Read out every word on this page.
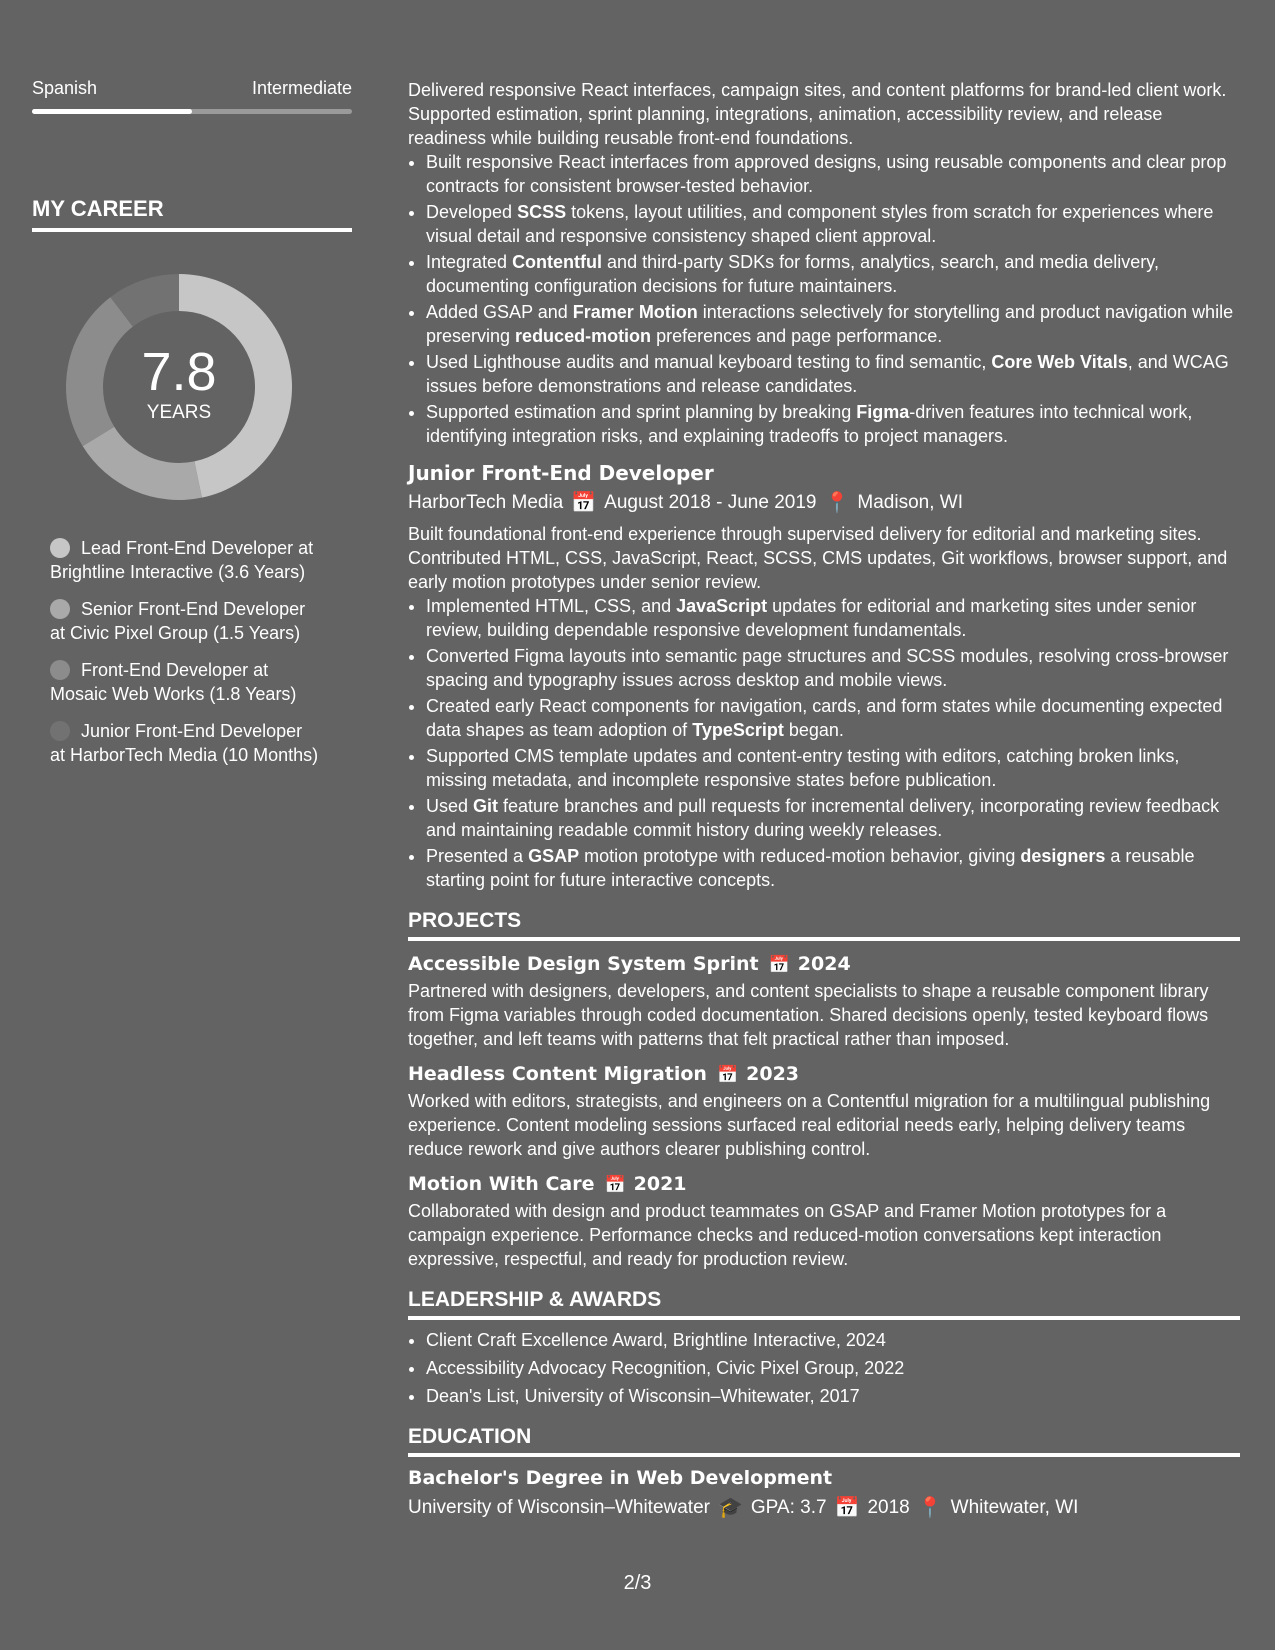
Spanish	Intermediate
MY CAREER
7.8
YEARS
Lead Front-End Developer at Brightline Interactive (3.6 Years)
Senior Front-End Developer at Civic Pixel Group (1.5 Years)
Front-End Developer at Mosaic Web Works (1.8 Years)
Junior Front-End Developer at HarborTech Media (10 Months)

Delivered responsive React interfaces, campaign sites, and content platforms for brand-led client work. Supported estimation, sprint planning, integrations, animation, accessibility review, and release readiness while building reusable front-end foundations.

• Built responsive React interfaces from approved designs, using reusable components and clear prop contracts for consistent browser-tested behavior.
• Developed SCSS tokens, layout utilities, and component styles from scratch for experiences where visual detail and responsive consistency shaped client approval.
• Integrated Contentful and third-party SDKs for forms, analytics, search, and media delivery, documenting configuration decisions for future maintainers.
• Added GSAP and Framer Motion interactions selectively for storytelling and product navigation while preserving reduced-motion preferences and page performance.
• Used Lighthouse audits and manual keyboard testing to find semantic, Core Web Vitals, and WCAG issues before demonstrations and release candidates.
• Supported estimation and sprint planning by breaking Figma-driven features into technical work, identifying integration risks, and explaining tradeoffs to project managers.
Junior Front-End Developer
HarborTech Media 📅 August 2018 - June 2019 📍 Madison, WI

Built foundational front-end experience through supervised delivery for editorial and marketing sites. Contributed HTML, CSS, JavaScript, React, SCSS, CMS updates, Git workflows, browser support, and early motion prototypes under senior review.

• Implemented HTML, CSS, and JavaScript updates for editorial and marketing sites under senior review, building dependable responsive development fundamentals.
• Converted Figma layouts into semantic page structures and SCSS modules, resolving cross-browser spacing and typography issues across desktop and mobile views.
• Created early React components for navigation, cards, and form states while documenting expected data shapes as team adoption of TypeScript began.
• Supported CMS template updates and content-entry testing with editors, catching broken links, missing metadata, and incomplete responsive states before publication.
• Used Git feature branches and pull requests for incremental delivery, incorporating review feedback and maintaining readable commit history during weekly releases.
• Presented a GSAP motion prototype with reduced-motion behavior, giving designers a reusable starting point for future interactive concepts.
PROJECTS
Accessible Design System Sprint 📅 2024

Partnered with designers, developers, and content specialists to shape a reusable component library from Figma variables through coded documentation. Shared decisions openly, tested keyboard flows together, and left teams with patterns that felt practical rather than imposed.

Headless Content Migration 📅 2023

Worked with editors, strategists, and engineers on a Contentful migration for a multilingual publishing experience. Content modeling sessions surfaced real editorial needs early, helping delivery teams reduce rework and give authors clearer publishing control.

Motion With Care 📅 2021

Collaborated with design and product teammates on GSAP and Framer Motion prototypes for a campaign experience. Performance checks and reduced-motion conversations kept interaction expressive, respectful, and ready for production review.

LEADERSHIP & AWARDS
• Client Craft Excellence Award, Brightline Interactive, 2024
• Accessibility Advocacy Recognition, Civic Pixel Group, 2022
• Dean's List, University of Wisconsin–Whitewater, 2017
EDUCATION
Bachelor's Degree in Web Development
University of Wisconsin–Whitewater 🎓 GPA: 3.7 📅 2018 📍 Whitewater, WI
2/3
